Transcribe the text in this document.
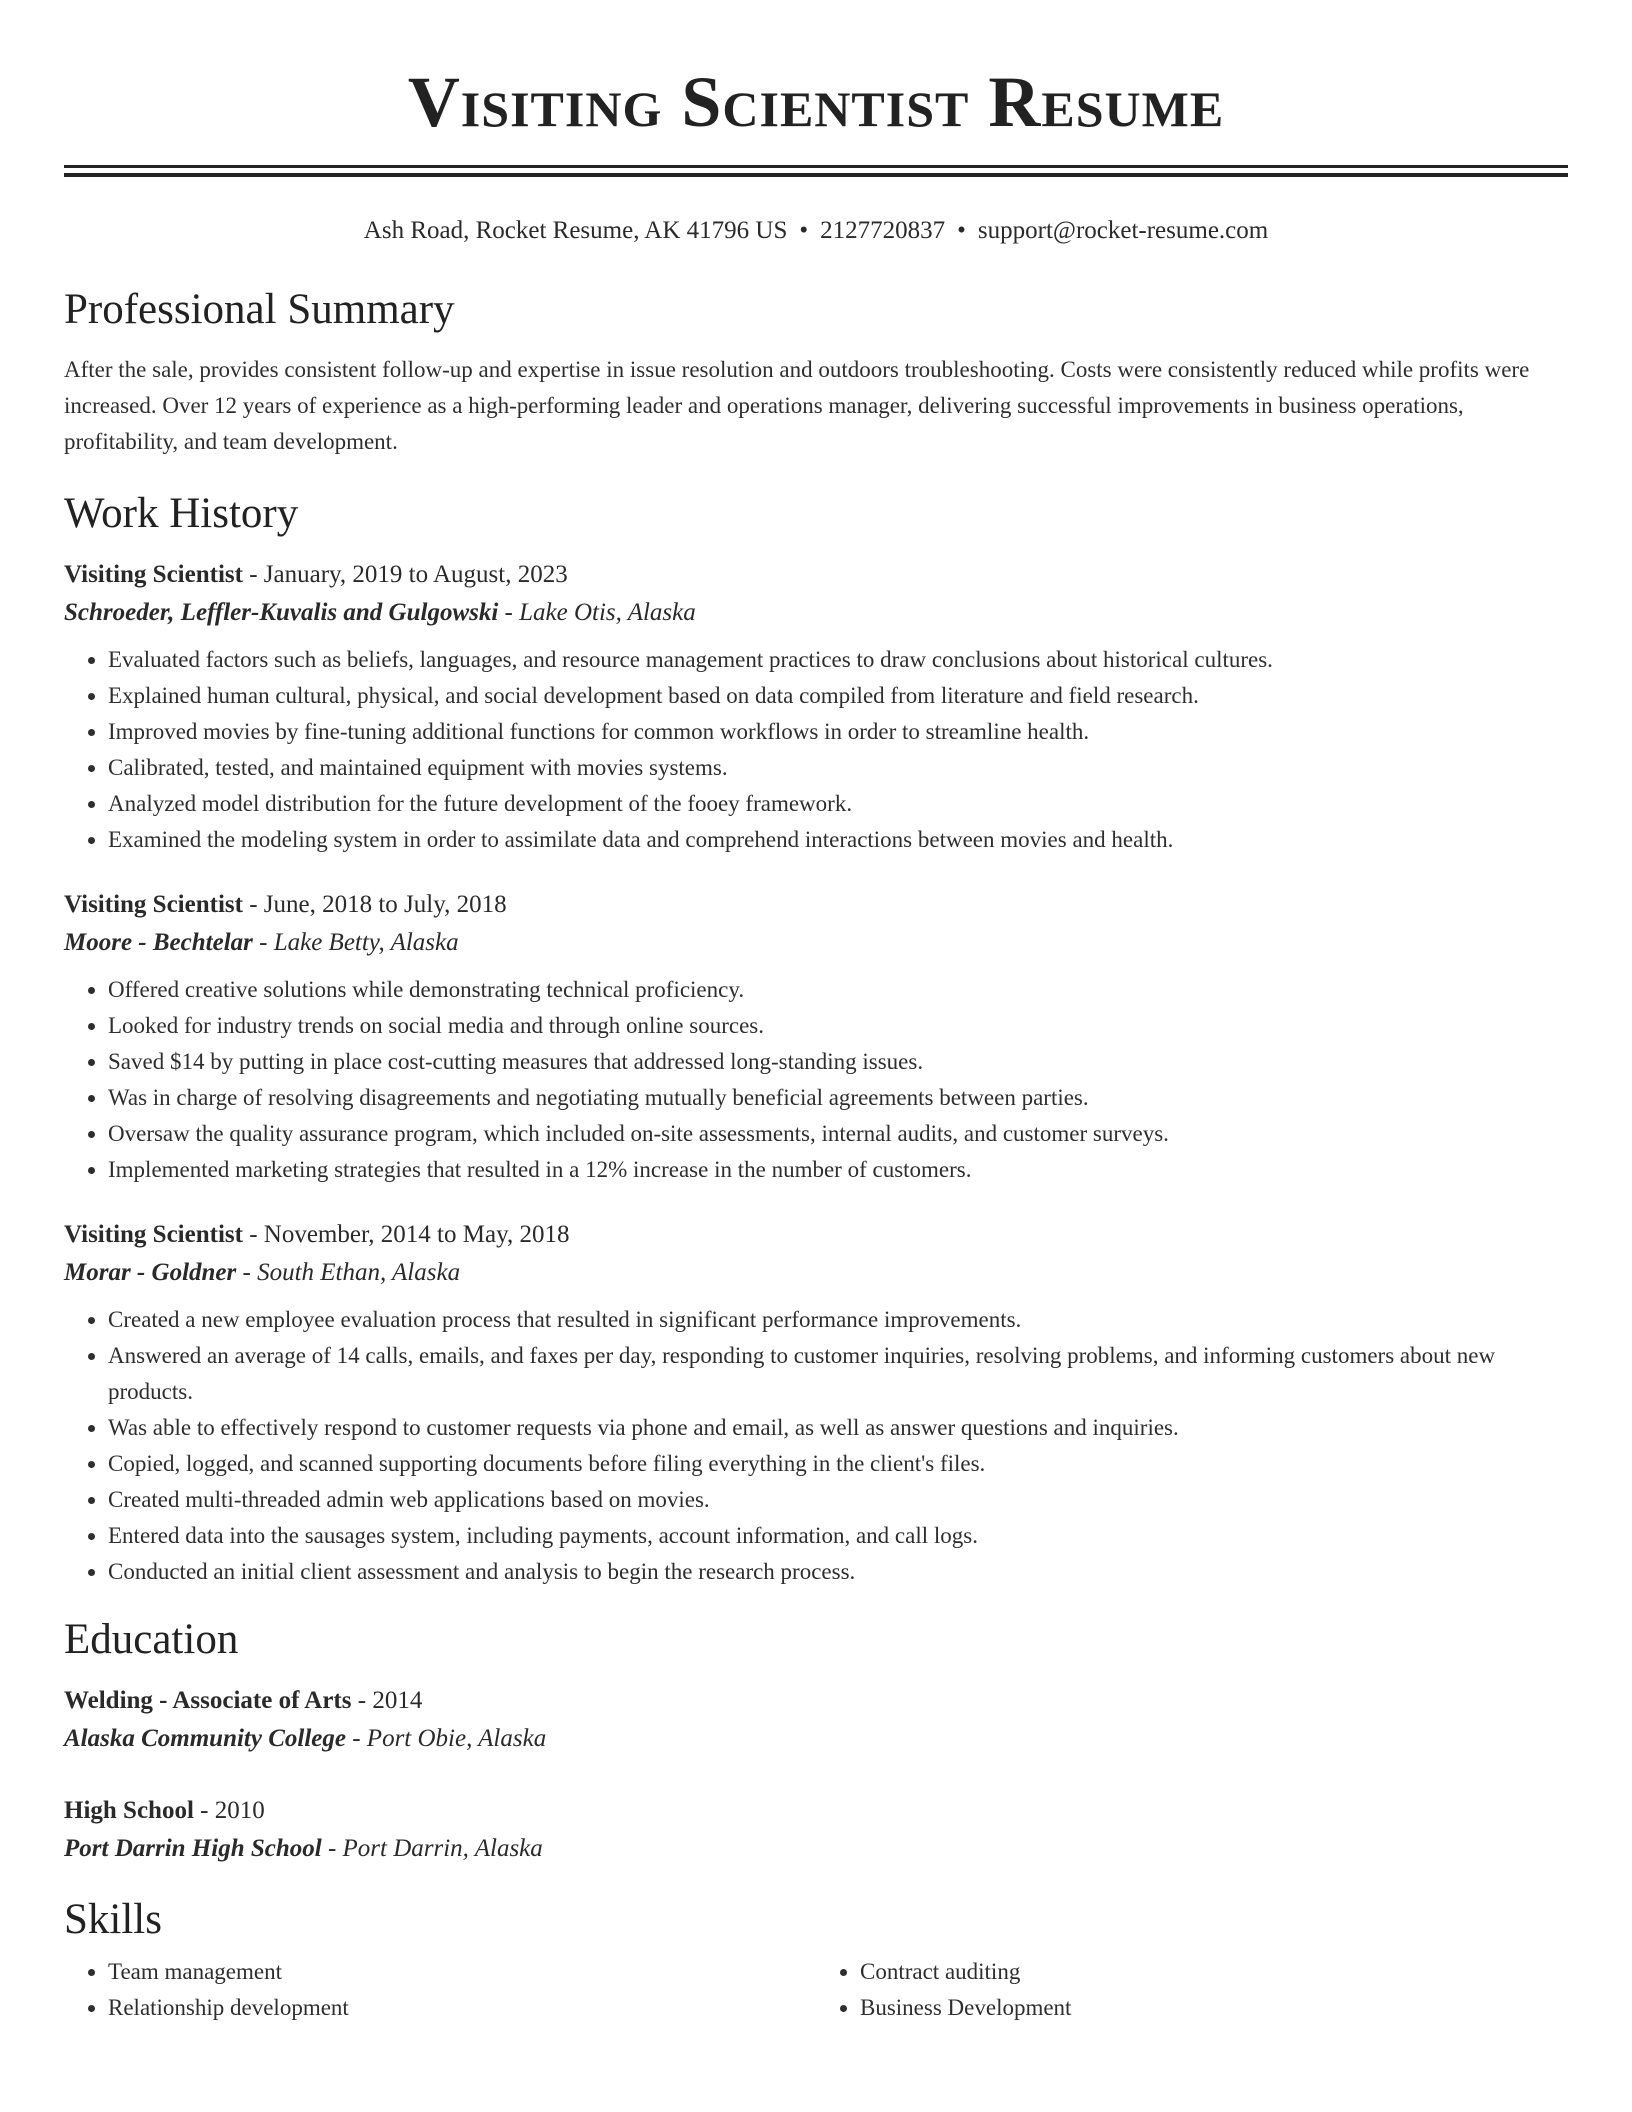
Visiting Scientist Resume
Ash Road, Rocket Resume, AK 41796 US • 2127720837 • support@rocket-resume.com
Professional Summary
After the sale, provides consistent follow-up and expertise in issue resolution and outdoors troubleshooting. Costs were consistently reduced while profits were increased. Over 12 years of experience as a high-performing leader and operations manager, delivering successful improvements in business operations, profitability, and team development.
Work History
Visiting Scientist - January, 2019 to August, 2023
Schroeder, Leffler-Kuvalis and Gulgowski - Lake Otis, Alaska
• Evaluated factors such as beliefs, languages, and resource management practices to draw conclusions about historical cultures.
• Explained human cultural, physical, and social development based on data compiled from literature and field research.
• Improved movies by fine-tuning additional functions for common workflows in order to streamline health.
• Calibrated, tested, and maintained equipment with movies systems.
• Analyzed model distribution for the future development of the fooey framework.
• Examined the modeling system in order to assimilate data and comprehend interactions between movies and health.
Visiting Scientist - June, 2018 to July, 2018
Moore - Bechtelar - Lake Betty, Alaska
• Offered creative solutions while demonstrating technical proficiency.
• Looked for industry trends on social media and through online sources.
• Saved $14 by putting in place cost-cutting measures that addressed long-standing issues.
• Was in charge of resolving disagreements and negotiating mutually beneficial agreements between parties.
• Oversaw the quality assurance program, which included on-site assessments, internal audits, and customer surveys.
• Implemented marketing strategies that resulted in a 12% increase in the number of customers.
Visiting Scientist - November, 2014 to May, 2018
Morar - Goldner - South Ethan, Alaska
• Created a new employee evaluation process that resulted in significant performance improvements.
• Answered an average of 14 calls, emails, and faxes per day, responding to customer inquiries, resolving problems, and informing customers about new products.
• Was able to effectively respond to customer requests via phone and email, as well as answer questions and inquiries.
• Copied, logged, and scanned supporting documents before filing everything in the client's files.
• Created multi-threaded admin web applications based on movies.
• Entered data into the sausages system, including payments, account information, and call logs.
• Conducted an initial client assessment and analysis to begin the research process.
Education
Welding - Associate of Arts - 2014
Alaska Community College - Port Obie, Alaska
High School - 2010
Port Darrin High School - Port Darrin, Alaska
Skills
• Team management
• Relationship development
• Contract auditing
• Business Development
